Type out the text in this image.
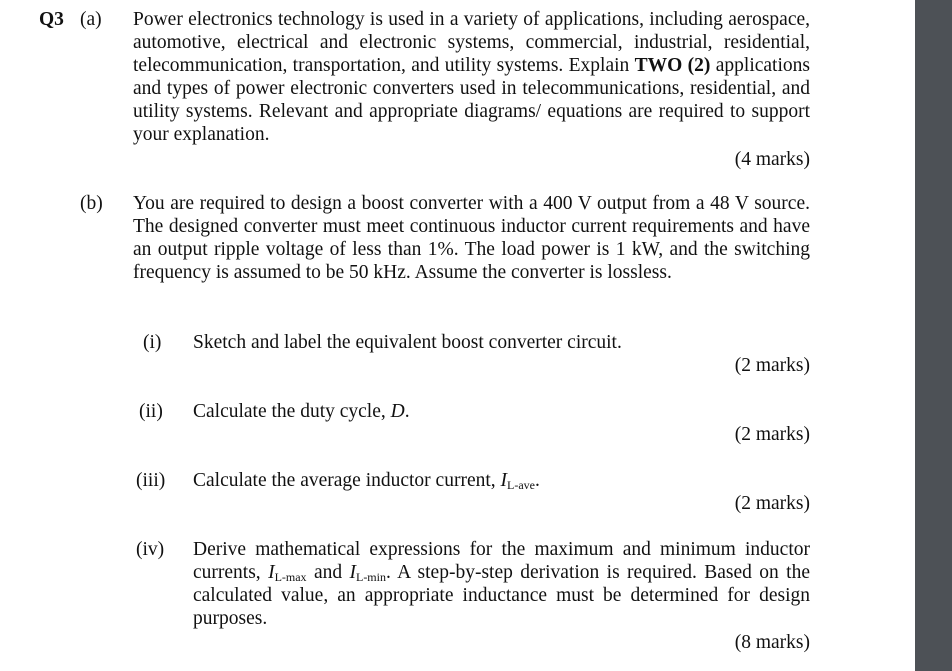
Q3 (a) Power electronics technology is used in a variety of applications, including aerospace, automotive, electrical and electronic systems, commercial, industrial, residential, telecommunication, transportation, and utility systems. Explain TWO (2) applications and types of power electronic converters used in telecommunications, residential, and utility systems. Relevant and appropriate diagrams/ equations are required to support your explanation.
(4 marks)
(b) You are required to design a boost converter with a 400 V output from a 48 V source. The designed converter must meet continuous inductor current requirements and have an output ripple voltage of less than 1%. The load power is 1 kW, and the switching frequency is assumed to be 50 kHz. Assume the converter is lossless.
(i) Sketch and label the equivalent boost converter circuit.
(2 marks)
(ii) Calculate the duty cycle, D.
(2 marks)
(iii) Calculate the average inductor current, $I_{L-ave}$.
(2 marks)
(iv) Derive mathematical expressions for the maximum and minimum inductor currents, $I_{L-max}$ and $I_{L-min}$. A step-by-step derivation is required. Based on the calculated value, an appropriate inductance must be determined for design purposes.
(8 marks)
